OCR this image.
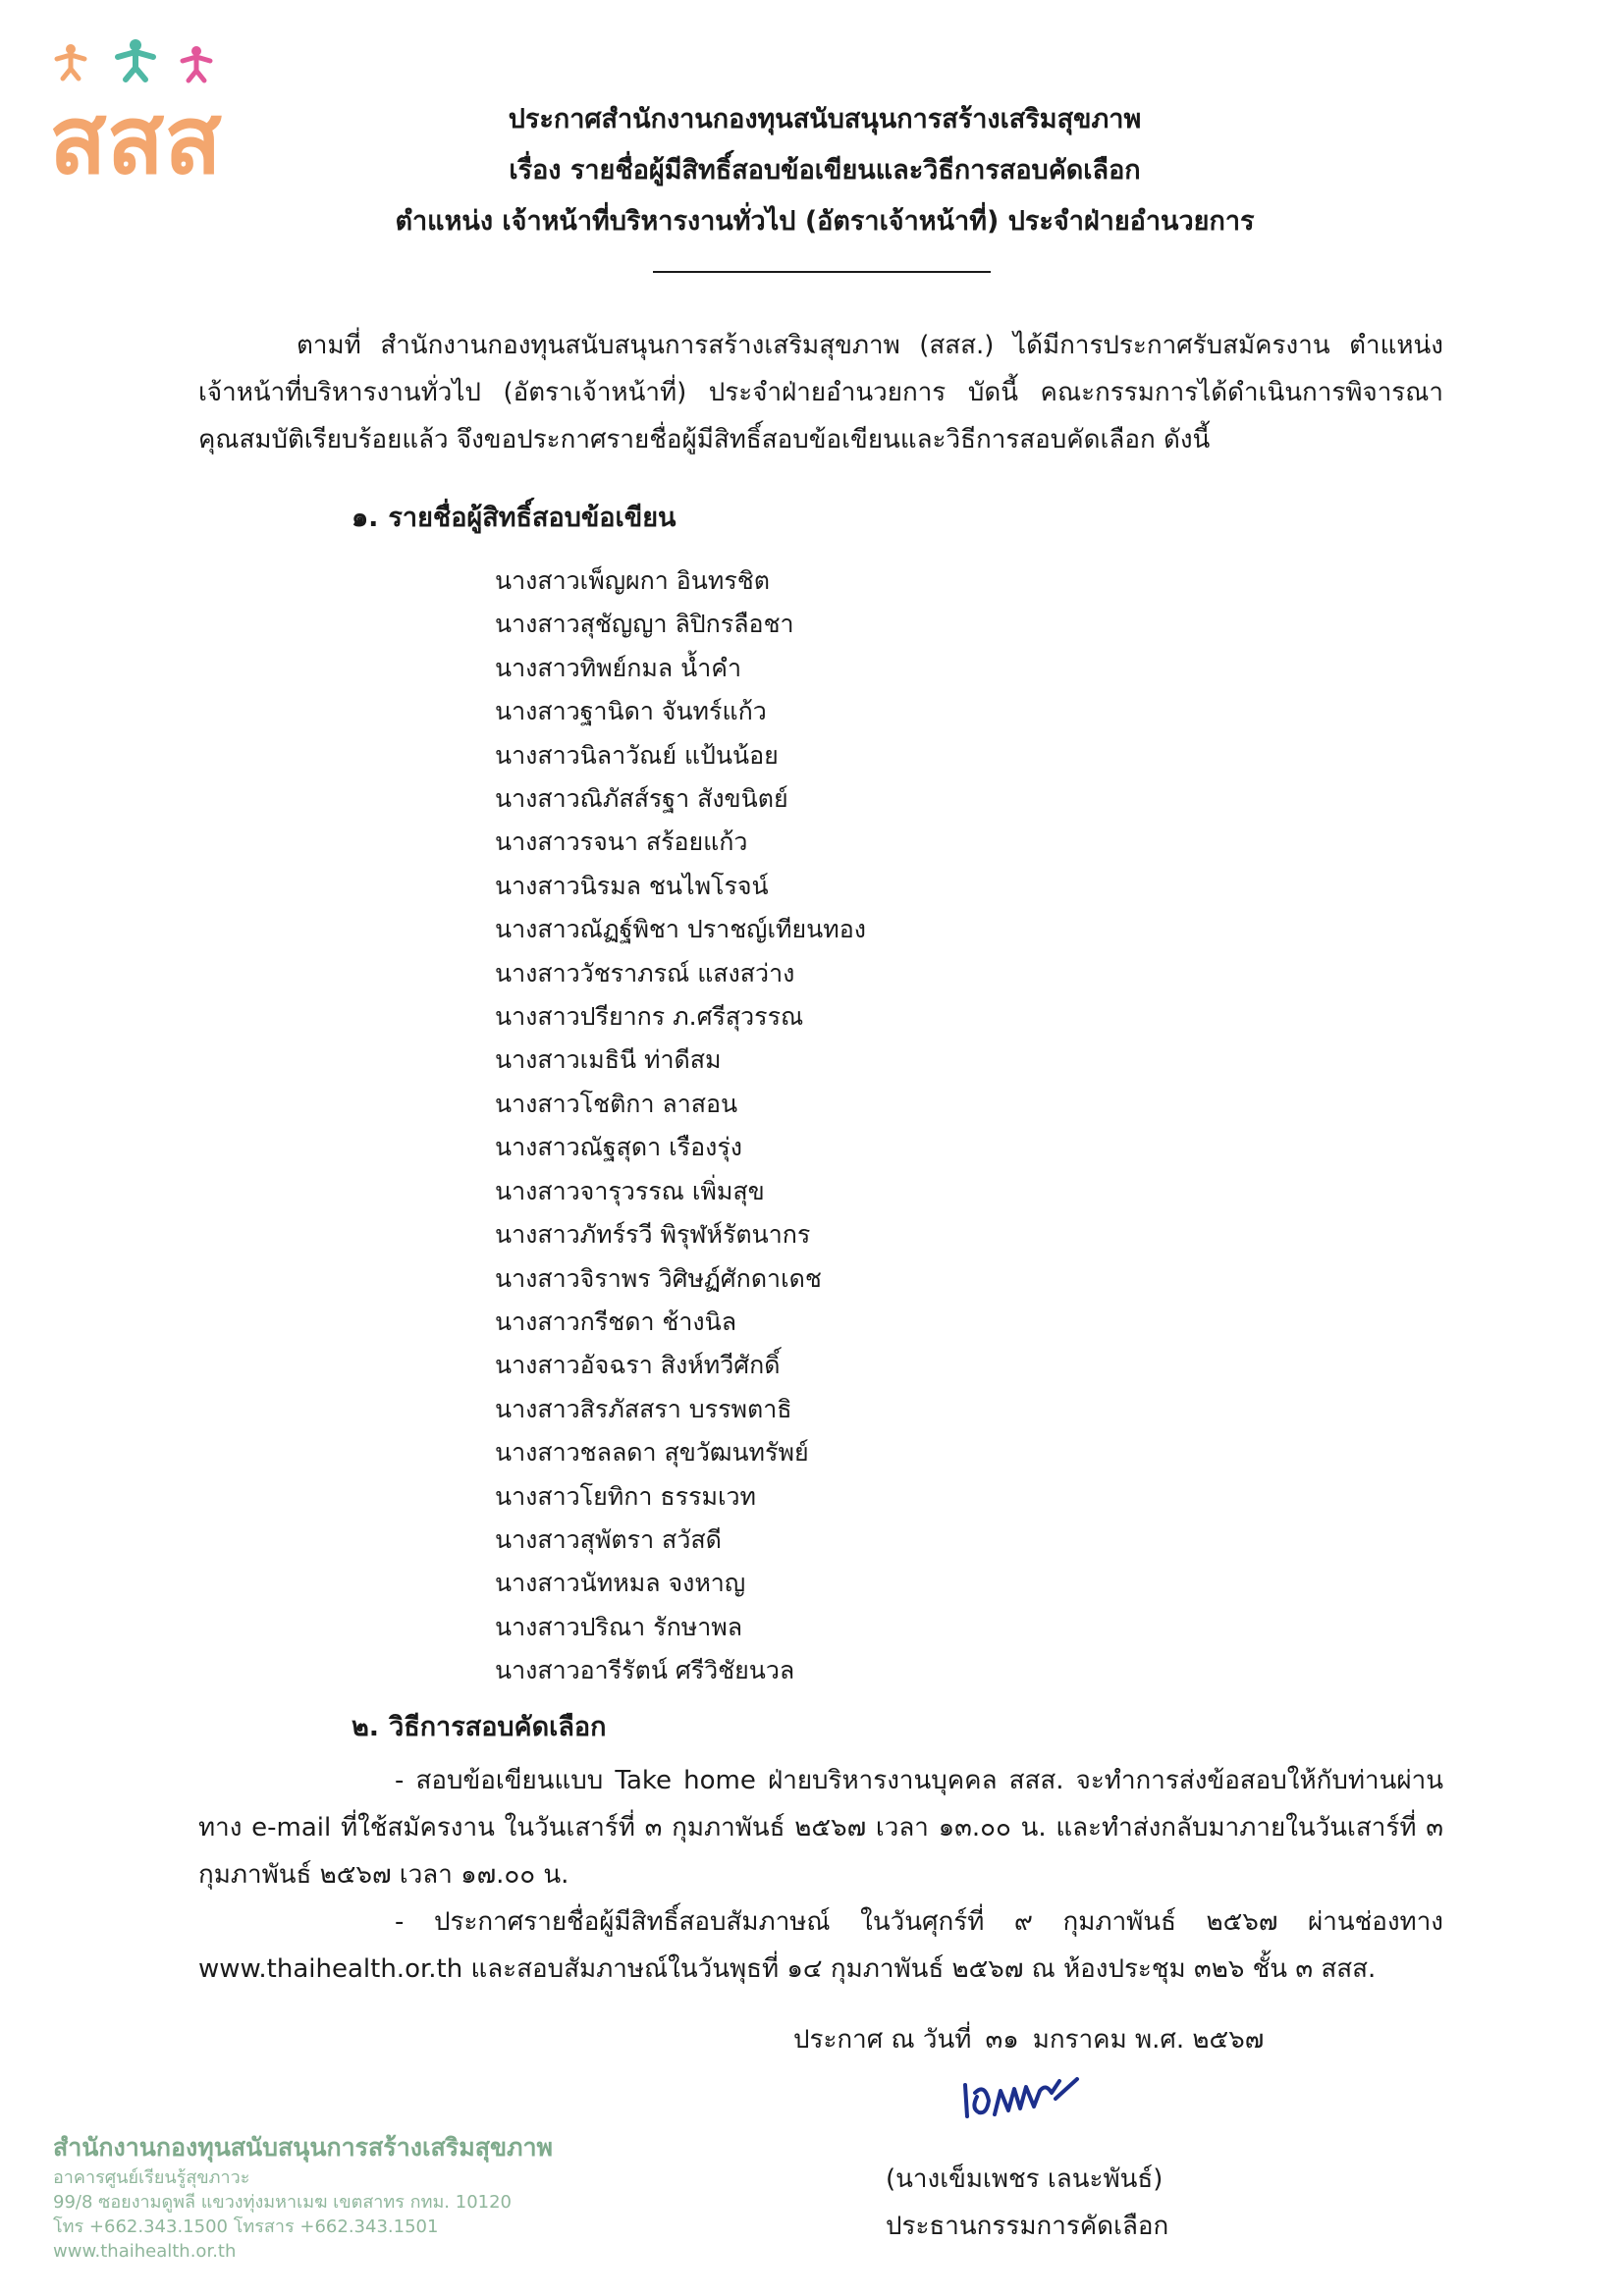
สสส	ประกาศสำนักงานกองทุนสนับสนุนการสร้างเสริมสุขภาพ
เรื่อง รายชื่อผู้มีสิทธิ์สอบข้อเขียนและวิธีการสอบคัดเลือก
ตำแหน่ง เจ้าหน้าที่บริหารงานทั่วไป (อัตราเจ้าหน้าที่) ประจำฝ่ายอำนวยการ

ตามที่ สำนักงานกองทุนสนับสนุนการสร้างเสริมสุขภาพ (สสส.) ได้มีการประกาศรับสมัครงาน ตำแหน่ง เจ้าหน้าที่บริหารงานทั่วไป (อัตราเจ้าหน้าที่) ประจำฝ่ายอำนวยการ บัดนี้ คณะกรรมการได้ดำเนินการพิจารณาคุณสมบัติเรียบร้อยแล้ว จึงขอประกาศรายชื่อผู้มีสิทธิ์สอบข้อเขียนและวิธีการสอบคัดเลือก ดังนี้

๑. รายชื่อผู้สิทธิ์สอบข้อเขียน
นางสาวเพ็ญผกา อินทรชิต
นางสาวสุชัญญา ลิปิกรลือชา
นางสาวทิพย์กมล น้ำคำ
นางสาวฐานิดา จันทร์แก้ว
นางสาวนิลาวัณย์ แป้นน้อย
นางสาวณิภัสส์รฐา สังขนิตย์
นางสาวรจนา สร้อยแก้ว
นางสาวนิรมล ชนไพโรจน์
นางสาวณัฏฐ์พิชา ปราชญ์เทียนทอง
นางสาววัชราภรณ์ แสงสว่าง
นางสาวปรียากร ภ.ศรีสุวรรณ
นางสาวเมธินี ท่าดีสม
นางสาวโชติกา ลาสอน
นางสาวณัฐสุดา เรืองรุ่ง
นางสาวจารุวรรณ เพิ่มสุข
นางสาวภัทร์รวี พิรุฬห์รัตนากร
นางสาวจิราพร วิศิษฏ์ศักดาเดช
นางสาวกรีชดา ช้างนิล
นางสาวอัจฉรา สิงห์ทวีศักดิ์
นางสาวสิรภัสสรา บรรพตาธิ
นางสาวชลลดา สุขวัฒนทรัพย์
นางสาวโยทิกา ธรรมเวท
นางสาวสุพัตรา สวัสดี
นางสาวนัทหมล จงหาญ
นางสาวปริณา รักษาพล
นางสาวอารีรัตน์ ศรีวิชัยนวล
๒. วิธีการสอบคัดเลือก

- สอบข้อเขียนแบบ Take home ฝ่ายบริหารงานบุคคล สสส. จะทำการส่งข้อสอบให้กับท่านผ่านทาง e-mail ที่ใช้สมัครงาน ในวันเสาร์ที่ ๓ กุมภาพันธ์ ๒๕๖๗ เวลา ๑๓.๐๐ น. และทำส่งกลับมาภายในวันเสาร์ที่ ๓ กุมภาพันธ์ ๒๕๖๗ เวลา ๑๗.๐๐ น.

- ประกาศรายชื่อผู้มีสิทธิ์สอบสัมภาษณ์ ในวันศุกร์ที่ ๙ กุมภาพันธ์ ๒๕๖๗ ผ่านช่องทาง www.thaihealth.or.th และสอบสัมภาษณ์ในวันพุธที่ ๑๔ กุมภาพันธ์ ๒๕๖๗ ณ ห้องประชุม ๓๒๖ ชั้น ๓ สสส.

ประกาศ ณ วันที่ ๓๑ มกราคม พ.ศ. ๒๕๖๗
(นางเข็มเพชร เลนะพันธ์)
ประธานกรรมการคัดเลือก
สำนักงานกองทุนสนับสนุนการสร้างเสริมสุขภาพ
อาคารศูนย์เรียนรู้สุขภาวะ
99/8 ซอยงามดูพลี แขวงทุ่งมหาเมฆ เขตสาทร กทม. 10120
โทร +662.343.1500 โทรสาร +662.343.1501
www.thaihealth.or.th
